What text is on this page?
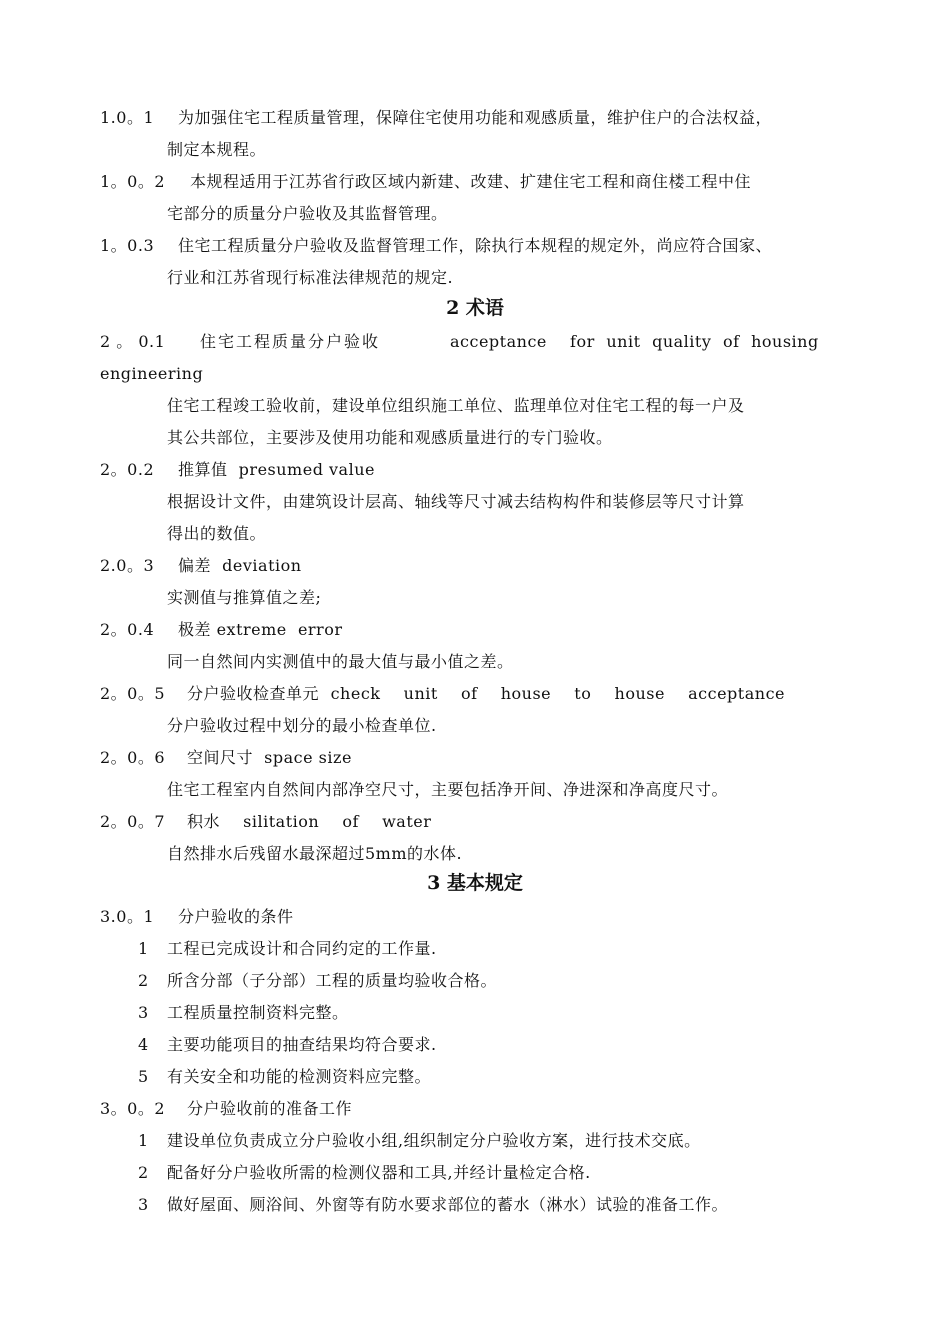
1.0。1 为加强住宅工程质量管理，保障住宅使用功能和观感质量，维护住户的合法权益，
制定本规程。
1。0。2 本规程适用于江苏省行政区域内新建、改建、扩建住宅工程和商住楼工程中住
宅部分的质量分户验收及其监督管理。
1。0.3 住宅工程质量分户验收及监督管理工作，除执行本规程的规定外，尚应符合国家、
行业和江苏省现行标准法律规范的规定.
2 术语
2 。 0.1 住宅工程质量分户验收	acceptance  for unit quality of housing
engineering
住宅工程竣工验收前，建设单位组织施工单位、监理单位对住宅工程的每一户及
其公共部位，主要涉及使用功能和观感质量进行的专门验收。
2。0.2 推算值  presumed value
根据设计文件，由建筑设计层高、轴线等尺寸减去结构构件和装修层等尺寸计算
得出的数值。
2.0。3 偏差  deviation
实测值与推算值之差;
2。0.4 极差 extreme  error
同一自然间内实测值中的最大值与最小值之差。
2。0。5 分户验收检查单元 check  unit  of  house  to  house  acceptance
分户验收过程中划分的最小检查单位.
2。0。6 空间尺寸  space size
住宅工程室内自然间内部净空尺寸，主要包括净开间、净进深和净高度尺寸。
2。0。7 积水  silitation  of  water
自然排水后残留水最深超过5mm的水体.
3 基本规定
3.0。1 分户验收的条件
1 工程已完成设计和合同约定的工作量.
2 所含分部（子分部）工程的质量均验收合格。
3 工程质量控制资料完整。
4 主要功能项目的抽查结果均符合要求.
5 有关安全和功能的检测资料应完整。
3。0。2 分户验收前的准备工作
1 建设单位负责成立分户验收小组,组织制定分户验收方案，进行技术交底。
2 配备好分户验收所需的检测仪器和工具,并经计量检定合格.
3 做好屋面、厕浴间、外窗等有防水要求部位的蓄水（淋水）试验的准备工作。
